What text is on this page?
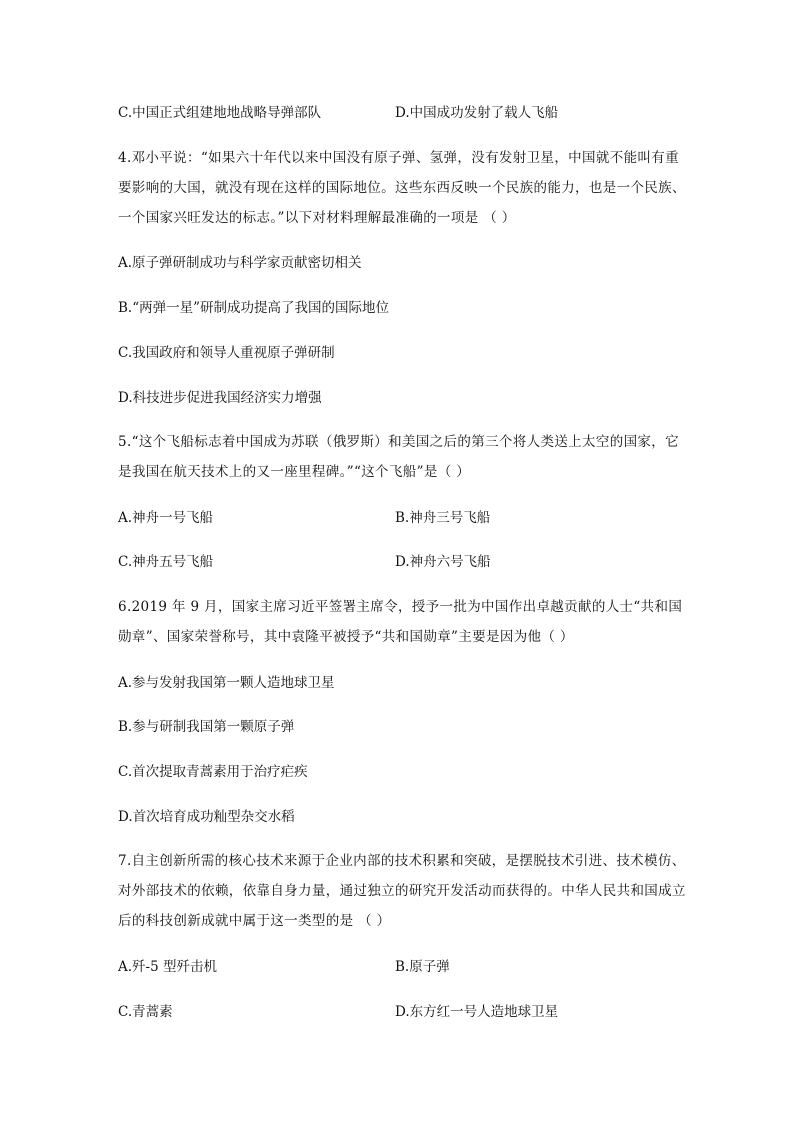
C.中国正式组建地地战略导弹部队	D.中国成功发射了载人飞船
4.邓小平说：“如果六十年代以来中国没有原子弹、氢弹，没有发射卫星，中国就不能叫有重
要影响的大国，就没有现在这样的国际地位。这些东西反映一个民族的能力，也是一个民族、
一个国家兴旺发达的标志。”以下对材料理解最准确的一项是 （ ）
A.原子弹研制成功与科学家贡献密切相关
B.“两弹一星”研制成功提高了我国的国际地位
C.我国政府和领导人重视原子弹研制
D.科技进步促进我国经济实力增强
5.“这个飞船标志着中国成为苏联（俄罗斯）和美国之后的第三个将人类送上太空的国家，它
是我国在航天技术上的又一座里程碑。”“这个飞船”是（ ）
A.神舟一号飞船	B.神舟三号飞船
C.神舟五号飞船	D.神舟六号飞船
6.2019 年 9 月，国家主席习近平签署主席令，授予一批为中国作出卓越贡献的人士“共和国
勋章”、国家荣誉称号，其中袁隆平被授予“共和国勋章”主要是因为他（ ）
A.参与发射我国第一颗人造地球卫星
B.参与研制我国第一颗原子弹
C.首次提取青蒿素用于治疗疟疾
D.首次培育成功籼型杂交水稻
7.自主创新所需的核心技术来源于企业内部的技术积累和突破，是摆脱技术引进、技术模仿、
对外部技术的依赖，依靠自身力量，通过独立的研究开发活动而获得的。中华人民共和国成立
后的科技创新成就中属于这一类型的是 （ ）
A.歼-5 型歼击机	B.原子弹
C.青蒿素	D.东方红一号人造地球卫星
